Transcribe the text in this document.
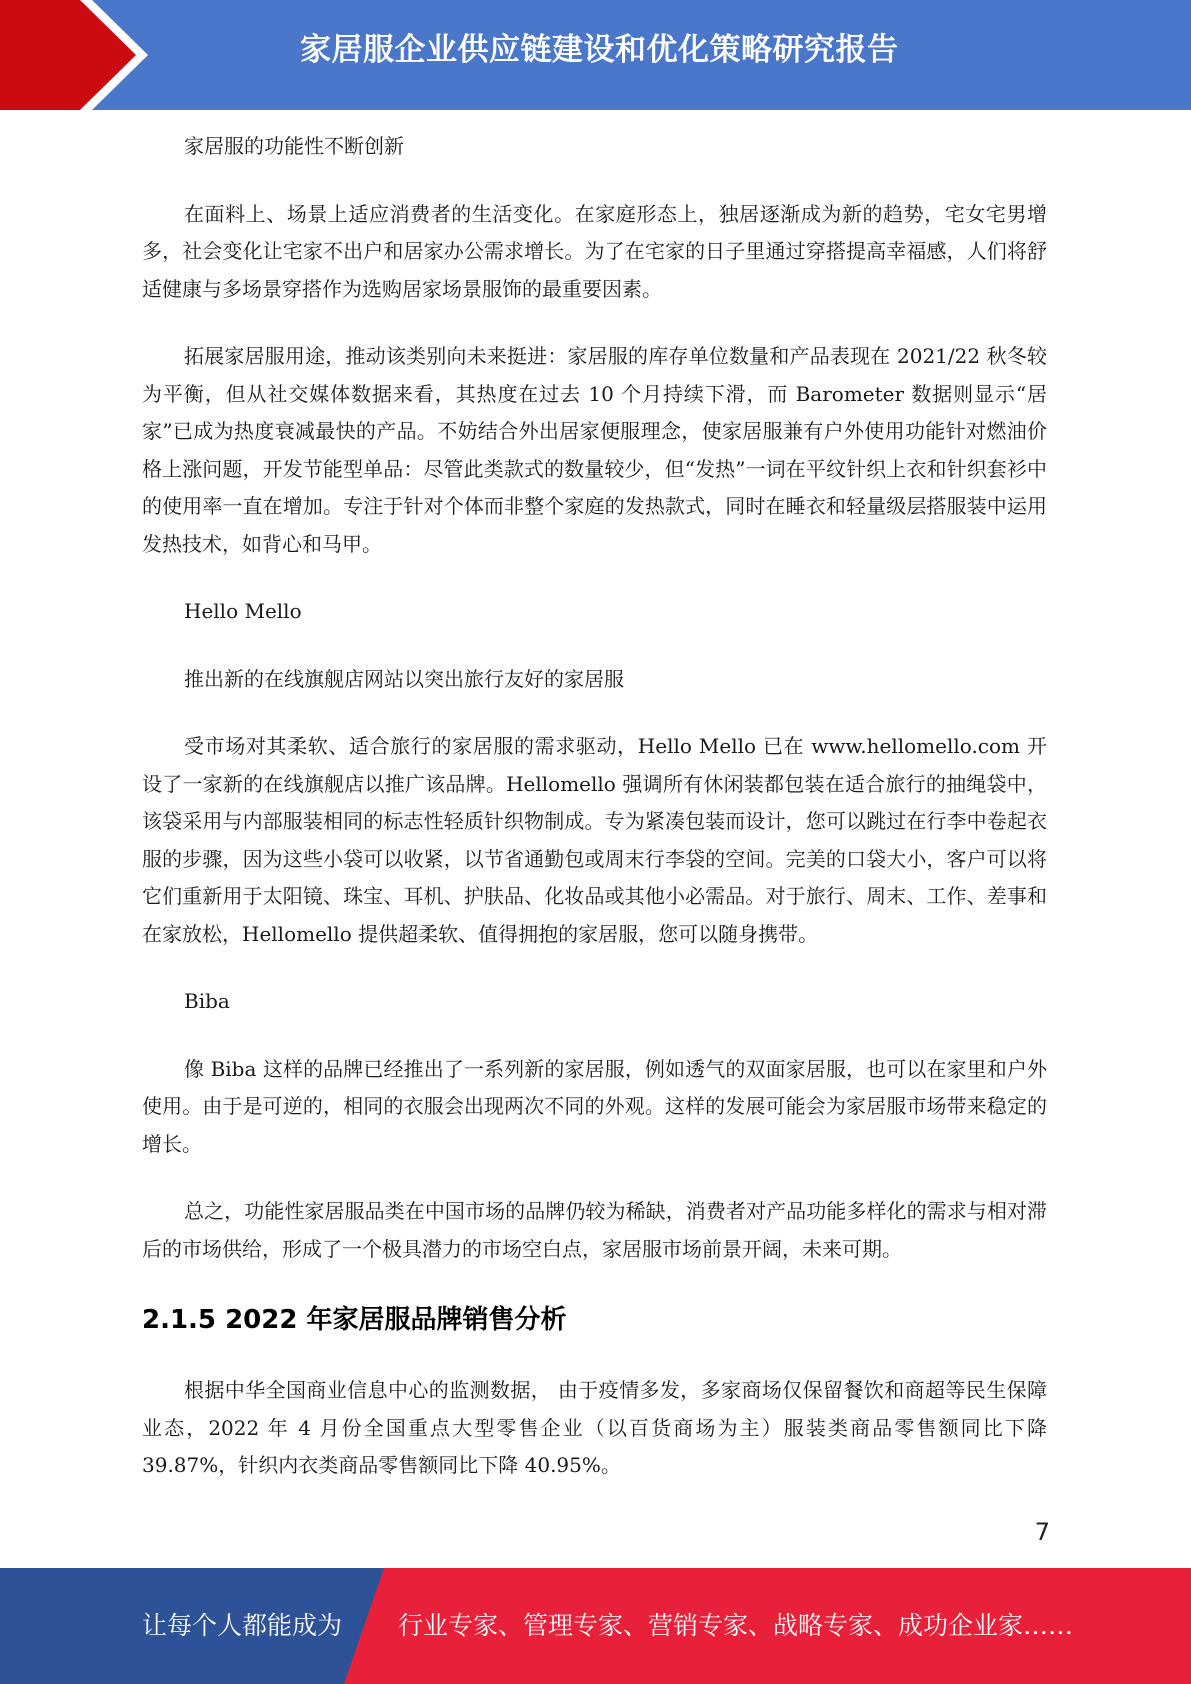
家居服企业供应链建设和优化策略研究报告

家居服的功能性不断创新

在面料上、场景上适应消费者的生活变化。在家庭形态上，独居逐渐成为新的趋势，宅女宅男增多，社会变化让宅家不出户和居家办公需求增长。为了在宅家的日子里通过穿搭提高幸福感，人们将舒适健康与多场景穿搭作为选购居家场景服饰的最重要因素。

拓展家居服用途，推动该类别向未来挺进：家居服的库存单位数量和产品表现在 2021/22 秋冬较为平衡，但从社交媒体数据来看，其热度在过去 10 个月持续下滑，而 Barometer 数据则显示“居家”已成为热度衰减最快的产品。不妨结合外出居家便服理念，使家居服兼有户外使用功能针对燃油价格上涨问题，开发节能型单品：尽管此类款式的数量较少，但“发热”一词在平纹针织上衣和针织套衫中的使用率一直在增加。专注于针对个体而非整个家庭的发热款式，同时在睡衣和轻量级层搭服装中运用发热技术，如背心和马甲。

Hello Mello

推出新的在线旗舰店网站以突出旅行友好的家居服

受市场对其柔软、适合旅行的家居服的需求驱动，Hello Mello 已在 www.hellomello.com 开设了一家新的在线旗舰店以推广该品牌。Hellomello 强调所有休闲装都包装在适合旅行的抽绳袋中，该袋采用与内部服装相同的标志性轻质针织物制成。专为紧凑包装而设计，您可以跳过在行李中卷起衣服的步骤，因为这些小袋可以收紧，以节省通勤包或周末行李袋的空间。完美的口袋大小，客户可以将它们重新用于太阳镜、珠宝、耳机、护肤品、化妆品或其他小必需品。对于旅行、周末、工作、差事和在家放松，Hellomello 提供超柔软、值得拥抱的家居服，您可以随身携带。

Biba

像 Biba 这样的品牌已经推出了一系列新的家居服，例如透气的双面家居服，也可以在家里和户外使用。由于是可逆的，相同的衣服会出现两次不同的外观。这样的发展可能会为家居服市场带来稳定的增长。

总之，功能性家居服品类在中国市场的品牌仍较为稀缺，消费者对产品功能多样化的需求与相对滞后的市场供给，形成了一个极具潜力的市场空白点，家居服市场前景开阔，未来可期。

2.1.5 2022 年家居服品牌销售分析

根据中华全国商业信息中心的监测数据， 由于疫情多发，多家商场仅保留餐饮和商超等民生保障业态，2022 年 4 月份全国重点大型零售企业（以百货商场为主）服装类商品零售额同比下降 39.87%，针织内衣类商品零售额同比下降 40.95%。

7
让每个人都能成为 行业专家、管理专家、营销专家、战略专家、成功企业家……
